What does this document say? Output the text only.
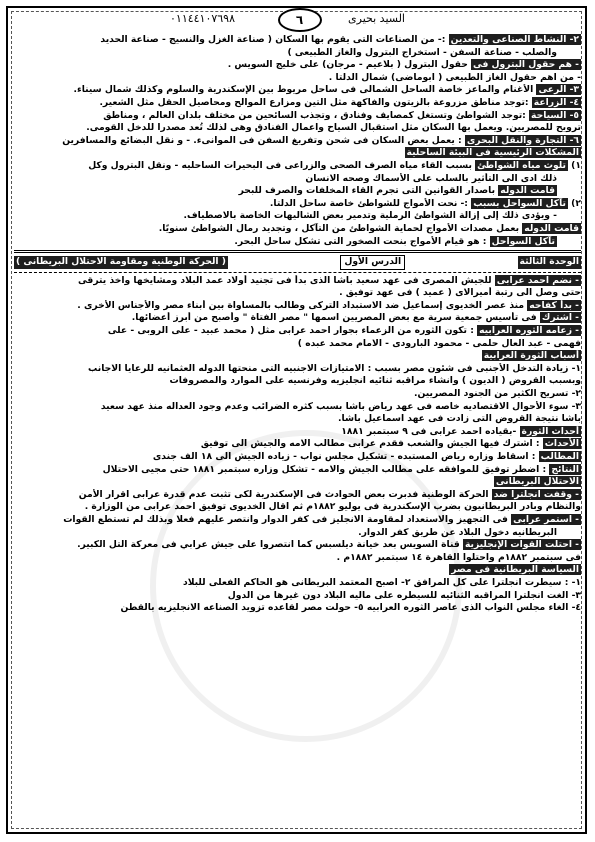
السيد بحيرى
٦
٠١١٤٤١٠٧٦٩٨
٢- النشاط الصناعى والتعدين :- من الصناعات التى يقوم بها السكان ( صناعة الغزل والنسيج - صناعة الحديد
والصلب - صناعة السفن - استخراج البترول والغاز الطبيعى )
- هم حقول البترول فى حقول البترول ( بلاعيم - مرجان) على خليج السويس .
- من اهم حقول الغاز الطبيعى ( ابوماضى) شمال الدلتا .
٣- الرعى الأغنام والماعز خاصة الساحل الشمالى فى ساحل مريوط بين الإسكندرية والسلوم وكذلك شمال سيناء.
٤- الزراعة :توجد مناطق مزروعة بالزيتون والفاكهة مثل التين ومزارع الموالح ومحاصيل الحقل مثل الشعير.
٥- السياحة :توجد الشواطئ وتستغل كمصايف وفنادق ، وتجذب السائحين من مختلف بلدان العالم ، ومناطق
ترويح للمصريين. ويعمل بها السكان مثل استقبال السياح واعمال الفنادق وهى لذلك تُعد مصدرا للدخل القومى.
٦- التجارة والنقل البحرى : يعمل بعض السكان فى شحن وتفريغ السفن فى الموانىء. - و نقل البضائع والمسافرين
المشكلات الرئيسية فى البيئة الساحلية
١) تلوث مياه الشواطئ بسبب القاء مياه الصرف الصحى والزراعى فى البحيرات الساحليه - ونقل البترول وكل
ذلك ادى الى التأثير بالسلب على الأسماك وصحه الانسان
قامت الدوله باصدار القوانين التى تجرم القاء المخلفات والصرف للبحر
٢) تآكل السواحل بسبب :- نحت الأمواج للشواطئ خاصة ساحل الدلتا.
- ويؤدى ذلك إلى إزالة الشواطئ الرملية وتدمير بعض الشاليهات الخاصة بالاصطياف.
قامت الدوله بعمل مصدات الأمواج لحماية الشواطئ من التآكل ، وتجديد رمال الشواطئ سنويًا.
تآكل السواحل : هو قيام الأمواج بنحت الصخور التى تشكل ساحل البحر.
الوحدة الثالثة
الدرس الأول
( الحركة الوطنية ومقاومة الاحتلال البريطانى )
- نضم احمد عرابى للجيش المصرى فى عهد سعيد باشا الذى بدأ فى تجنيد أولاد عمد البلاد ومشايخها واخذ يترقى
حتى وصل الى رتبة أميرالاى ( عميد ) فى عهد توفيق .
- بدأ كفاحه منذ عصر الخديوى إسماعيل ضد الاستبداد التركى وطالب بالمساواة بين أبناء مصر والأجناس الأخرى .
- اشترك فى تأسيس جمعية سرية مع بعض المصريين اسمها " مصر الفتاة " وأصبح من أبرز أعضائها.
- زعامه الثوره العرابيه : تكون الثوره من الزعماء بجوار احمد عرابى مثل ( محمد عبيد - على الروبى - على
فهمى - عبد العال حلمى - محمود البارودى - الامام محمد عبده )
أسباب الثورة العرابية
١- زيادة التدخل الأجنبى فى شئون مصر بسبب : الامتيازات الاجنبيه التى منحتها الدوله العثمانيه للرعايا الاجانب
وبسبب القروض ( الديون ) وانشاء مراقبه ثنائيه انجليزيه وفرنسيه على الموارد والمصروفات
٢- تسريح الكثير من الجنود المصريين.
٣- سوء الأحوال الاقتصاديه خاصه فى عهد رياض باشا بسبب كثره الضرائب وعدم وجود العداله منذ عهد سعيد
باشا نتيجة القروض التى زادت فى عهد اسماعيل باشا.
أحداث الثورة -بقياده احمد عرابى فى ٩ سبتمبر ١٨٨١
الأحداث : اشترك فيها الجيش والشعب فقدم عرابى مطالب الامه والجيش الى توفيق
المطالب : اسقاط وزاره رياض المستبده - تشكيل مجلس نواب - زياده الجيش الى ١٨ الف جندى
النتائج : اضطر توفيق للموافقه على مطالب الجيش والامه - تشكل وزاره سبتمبر ١٨٨١ حتى مجيى الاحتلال
الاحتلال البريطانى
- وقفت انجلترا ضد الحركة الوطنية فدبرت بعض الحوادث فى الإسكندرية لكى تثبت عدم قدرة عرابى اقرار الأمن
والنظام وبادر البريطانيون بضرب الإسكندرية فى يوليو ١٨٨٢م ثم اقال الخديوى توفيق احمد عرابى من الوزارة .
- استمر عرابى فى التجهيز والاستعداد لمقاومة الانجليز فى كفر الدوار وانتصر عليهم فعلا وبذلك لم تستطع القوات
البريطانيه دخول البلاد عن طريق كفر الدوار.
- احتلت القوات الإنجليزية قناة السويس بعد خيانة ديلسبس كما انتصروا على جيش عرابي فى معركة التل الكبير.
فى سبتمبر ١٨٨٢م واحتلوا القاهرة ١٤ سبتمبر ١٨٨٢م .
السياسة البريطانية فى مصر
١- : سيطرت انجلترا على كل المرافق ٢- اصبح المعتمد البريطانى هو الحاكم الفعلى للبلاد
٣- الغت انجلترا المراقبه الثنائيه للسيطره على ماليه البلاد دون غيرها من الدول
٤- الغاء مجلس النواب الذى عاصر الثوره العرابيه ٥- حولت مصر لقاعده تزويد الصناعه الانجليزيه بالقطن
